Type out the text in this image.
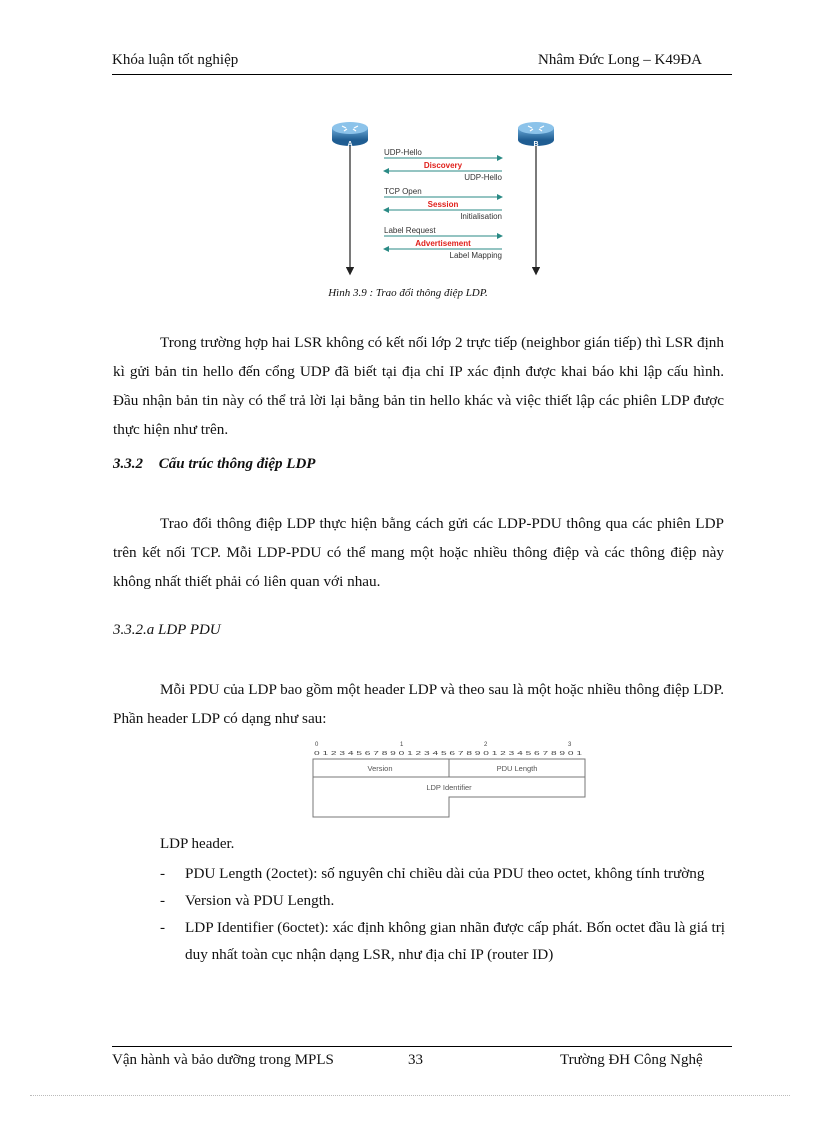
Khóa luận tốt nghiệp	Nhâm Đức Long – K49ĐA
A	B
UDP-Hello
Discovery
UDP-Hello
TCP Open
Session
Initialisation
Label Request
Advertisement
Label Mapping
Hình 3.9 : Trao đổi thông điệp LDP.

Trong trường hợp hai LSR không có kết nối lớp 2 trực tiếp (neighbor gián tiếp) thì LSR định kì gửi bản tin hello đến cổng UDP đã biết tại địa chỉ IP xác định được khai báo khi lập cấu hình. Đầu nhận bản tin này có thể trả lời lại bằng bản tin hello khác và việc thiết lập các phiên LDP được thực hiện như trên.

3.3.2 Cấu trúc thông điệp LDP

Trao đổi thông điệp LDP thực hiện bằng cách gửi các LDP-PDU thông qua các phiên LDP trên kết nối TCP. Mỗi LDP-PDU có thể mang một hoặc nhiều thông điệp và các thông điệp này không nhất thiết phải có liên quan với nhau.

3.3.2.a LDP PDU

Mỗi PDU của LDP bao gồm một header LDP và theo sau là một hoặc nhiều thông điệp LDP. Phần header LDP có dạng như sau:

0	1	2	3
0 1 2 3 4 5 6 7 8 9 0 1 2 3 4 5 6 7 8 9 0 1 2 3 4 5 6 7 8 9 0 1
Version	PDU Length
LDP Identifier
LDP header.
- PDU Length (2octet): số nguyên chỉ chiều dài của PDU theo octet, không tính trường
- Version và PDU Length.
- LDP Identifier (6octet): xác định không gian nhãn được cấp phát. Bốn octet đầu là giá trị duy nhất toàn cục nhận dạng LSR, như địa chỉ IP (router ID)
Vận hành và bảo dưỡng trong MPLS	33	Trường ĐH Công Nghệ
